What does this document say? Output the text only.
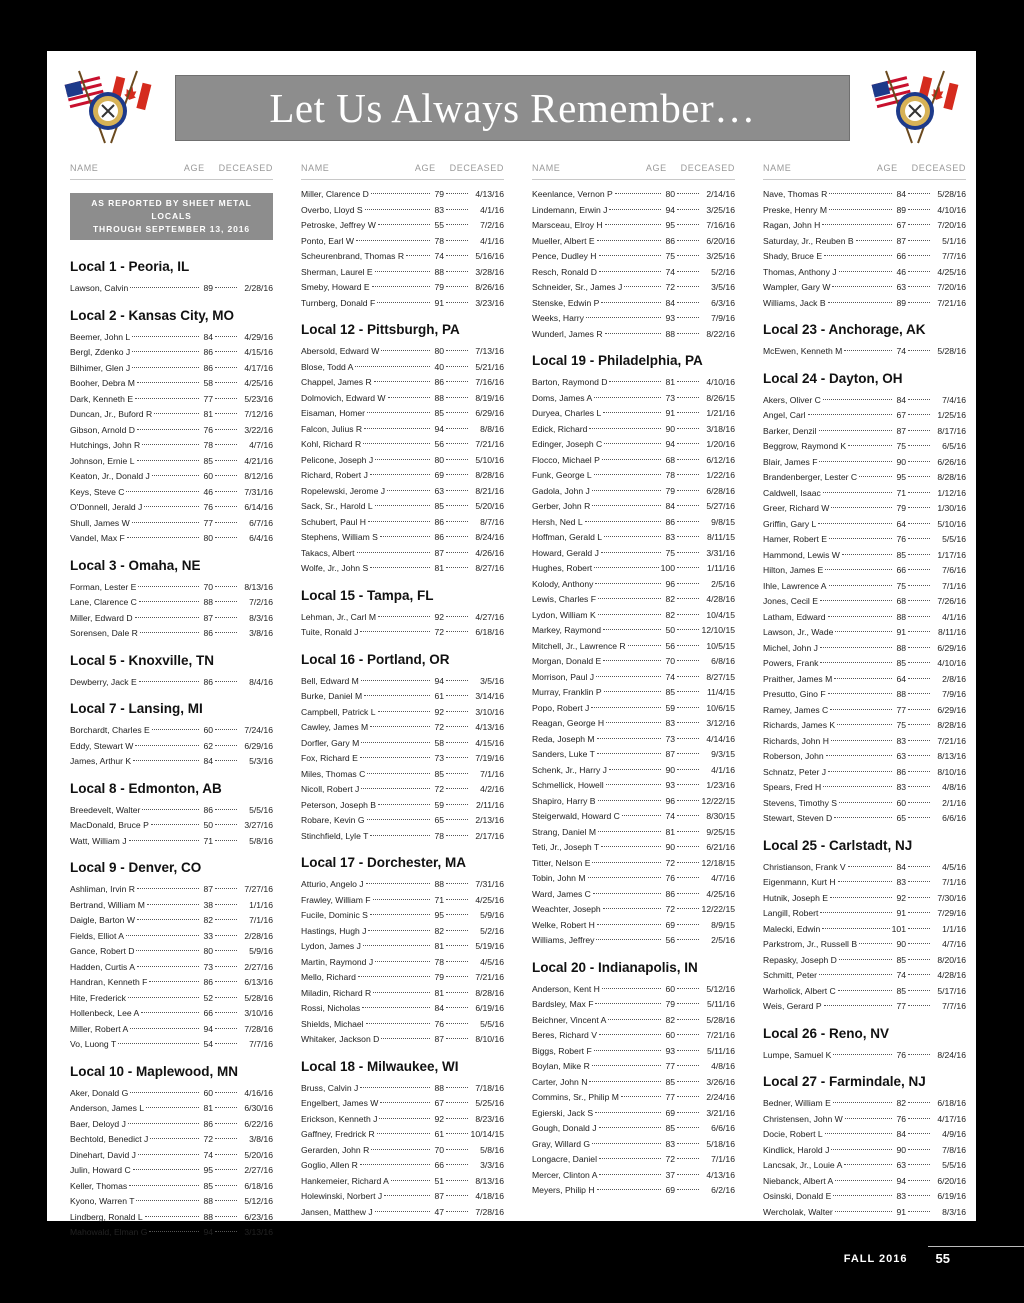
Let Us Always Remember…
NAME	AGE DECEASED
AS REPORTED BY SHEET METAL LOCALS
THROUGH SEPTEMBER 13, 2016
Local 1 - Peoria, IL
Lawson, Calvin	89	2/28/16
Local 2 - Kansas City, MO
Beemer, John L	84	4/29/16
Bergl, Zdenko J	86	4/15/16
Bilhimer, Glen J	86	4/17/16
Booher, Debra M	58	4/25/16
Dark, Kenneth E	77	5/23/16
Duncan, Jr., Buford R	81	7/12/16
Gibson, Arnold D	76	3/22/16
Hutchings, John R	78	4/7/16
Johnson, Ernie L	85	4/21/16
Keaton, Jr., Donald J	60	8/12/16
Keys, Steve C	46	7/31/16
O'Donnell, Jerald J	76	6/14/16
Shull, James W	77	6/7/16
Vandel, Max F	80	6/4/16
Local 3 - Omaha, NE
Forman, Lester E	70	8/13/16
Lane, Clarence C	88	7/2/16
Miller, Edward D	87	8/3/16
Sorensen, Dale R	86	3/8/16
Local 5 - Knoxville, TN
Dewberry, Jack E	86	8/4/16
Local 7 - Lansing, MI
Borchardt, Charles E	60	7/24/16
Eddy, Stewart W	62	6/29/16
James, Arthur K	84	5/3/16
Local 8 - Edmonton, AB
Breedevelt, Walter	86	5/5/16
MacDonald, Bruce P	50	3/27/16
Watt, William J	71	5/8/16
Local 9 - Denver, CO
Ashliman, Irvin R	87	7/27/16
Bertrand, William M	38	1/1/16
Daigle, Barton W	82	7/1/16
Fields, Elliot A	33	2/28/16
Gance, Robert D	80	5/9/16
Hadden, Curtis A	73	2/27/16
Handran, Kenneth F	86	6/13/16
Hite, Frederick	52	5/28/16
Hollenbeck, Lee A	66	3/10/16
Miller, Robert A	94	7/28/16
Vo, Luong T	54	7/7/16
Local 10 - Maplewood, MN
Aker, Donald G	60	4/16/16
Anderson, James L	81	6/30/16
Baer, Deloyd J	86	6/22/16
Bechtold, Benedict J	72	3/8/16
Dinehart, David J	74	5/20/16
Julin, Howard C	95	2/27/16
Keller, Thomas	85	6/18/16
Kyono, Warren T	88	5/12/16
Lindberg, Ronald L	88	6/23/16
Mahowald, Elman G	94	3/13/16
NAME	AGE DECEASED
Miller, Clarence D	79	4/13/16
Overbo, Lloyd S	83	4/1/16
Petroske, Jeffrey W	55	7/2/16
Ponto, Earl W	78	4/1/16
Scheurenbrand, Thomas R	74	5/16/16
Sherman, Laurel E	88	3/28/16
Smeby, Howard E	79	8/26/16
Turnberg, Donald F	91	3/23/16
Local 12 - Pittsburgh, PA
Abersold, Edward W	80	7/13/16
Blose, Todd A	40	5/21/16
Chappel, James R	86	7/16/16
Dolmovich, Edward W	88	8/19/16
Eisaman, Homer	85	6/29/16
Falcon, Julius R	94	8/8/16
Kohl, Richard R	56	7/21/16
Pelicone, Joseph J	80	5/10/16
Richard, Robert J	69	8/28/16
Ropelewski, Jerome J	63	8/21/16
Sack, Sr., Harold L	85	5/20/16
Schubert, Paul H	86	8/7/16
Stephens, William S	86	8/24/16
Takacs, Albert	87	4/26/16
Wolfe, Jr., John S	81	8/27/16
Local 15 - Tampa, FL
Lehman, Jr., Carl M	92	4/27/16
Tuite, Ronald J	72	6/18/16
Local 16 - Portland, OR
Bell, Edward M	94	3/5/16
Burke, Daniel M	61	3/14/16
Campbell, Patrick L	92	3/10/16
Cawley, James M	72	4/13/16
Dorfler, Gary M	58	4/15/16
Fox, Richard E	73	7/19/16
Miles, Thomas C	85	7/1/16
Nicoll, Robert J	72	4/2/16
Peterson, Joseph B	59	2/11/16
Robare, Kevin G	65	2/13/16
Stinchfield, Lyle T	78	2/17/16
Local 17 - Dorchester, MA
Atturio, Angelo J	88	7/31/16
Frawley, William F	71	4/25/16
Fucile, Dominic S	95	5/9/16
Hastings, Hugh J	82	5/2/16
Lydon, James J	81	5/19/16
Martin, Raymond J	78	4/5/16
Mello, Richard	79	7/21/16
Miladin, Richard R	81	8/28/16
Rossi, Nicholas	84	6/19/16
Shields, Michael	76	5/5/16
Whitaker, Jackson D	87	8/10/16
Local 18 - Milwaukee, WI
Bruss, Calvin J	88	7/18/16
Engelbert, James W	67	5/25/16
Erickson, Kenneth J	92	8/23/16
Gaffney, Fredrick R	61	10/14/15
Gerarden, John R	70	5/8/16
Goglio, Allen R	66	3/3/16
Hankemeier, Richard A	51	8/13/16
Holewinski, Norbert J	87	4/18/16
Jansen, Matthew J	47	7/28/16
NAME	AGE DECEASED
Keenlance, Vernon P	80	2/14/16
Lindemann, Erwin J	94	3/25/16
Marsceau, Elroy H	95	7/16/16
Mueller, Albert E	86	6/20/16
Pence, Dudley H	75	3/25/16
Resch, Ronald D	74	5/2/16
Schneider, Sr., James J	72	3/5/16
Stenske, Edwin P	84	6/3/16
Weeks, Harry	93	7/9/16
Wunderl, James R	88	8/22/16
Local 19 - Philadelphia, PA
Barton, Raymond D	81	4/10/16
Doms, James A	73	8/26/15
Duryea, Charles L	91	1/21/16
Edick, Richard	90	3/18/16
Edinger, Joseph C	94	1/20/16
Flocco, Michael P	68	6/12/16
Funk, George L	78	1/22/16
Gadola, John J	79	6/28/16
Gerber, John R	84	5/27/16
Hersh, Ned L	86	9/8/15
Hoffman, Gerald L	83	8/11/15
Howard, Gerald J	75	3/31/16
Hughes, Robert	100	1/11/16
Kolody, Anthony	96	2/5/16
Lewis, Charles F	82	4/28/16
Lydon, William K	82	10/4/15
Markey, Raymond	50	12/10/15
Mitchell, Jr., Lawrence R	56	10/5/15
Morgan, Donald E	70	6/8/16
Morrison, Paul J	74	8/27/15
Murray, Franklin P	85	11/4/15
Popo, Robert J	59	10/6/15
Reagan, George H	83	3/12/16
Reda, Joseph M	73	4/14/16
Sanders, Luke T	87	9/3/15
Schenk, Jr., Harry J	90	4/1/16
Schmellick, Howell	93	1/23/16
Shapiro, Harry B	96	12/22/15
Steigerwald, Howard C	74	8/30/15
Strang, Daniel M	81	9/25/15
Teti, Jr., Joseph T	90	6/21/16
Titter, Nelson E	72	12/18/15
Tobin, John M	76	4/7/16
Ward, James C	86	4/25/16
Weachter, Joseph	72	12/22/15
Welke, Robert H	69	8/9/15
Williams, Jeffrey	56	2/5/16
Local 20 - Indianapolis, IN
Anderson, Kent H	60	5/12/16
Bardsley, Max F	79	5/11/16
Beichner, Vincent A	82	5/28/16
Beres, Richard V	60	7/21/16
Biggs, Robert F	93	5/11/16
Boylan, Mike R	77	4/8/16
Carter, John N	85	3/26/16
Commins, Sr., Philip M	77	2/24/16
Egierski, Jack S	69	3/21/16
Gough, Donald J	85	6/6/16
Gray, Willard G	83	5/18/16
Longacre, Daniel	72	7/1/16
Mercer, Clinton A	37	4/13/16
Meyers, Philip H	69	6/2/16
NAME	AGE DECEASED
Nave, Thomas R	84	5/28/16
Preske, Henry M	89	4/10/16
Ragan, John H	67	7/20/16
Saturday, Jr., Reuben B	87	5/1/16
Shady, Bruce E	66	7/7/16
Thomas, Anthony J	46	4/25/16
Wampler, Gary W	63	7/20/16
Williams, Jack B	89	7/21/16
Local 23 - Anchorage, AK
McEwen, Kenneth M	74	5/28/16
Local 24 - Dayton, OH
Akers, Oliver C	84	7/4/16
Angel, Carl	67	1/25/16
Barker, Denzil	87	8/17/16
Beggrow, Raymond K	75	6/5/16
Blair, James F	90	6/26/16
Brandenberger, Lester C	95	8/28/16
Caldwell, Isaac	71	1/12/16
Greer, Richard W	79	1/30/16
Griffin, Gary L	64	5/10/16
Hamer, Robert E	76	5/5/16
Hammond, Lewis W	85	1/17/16
Hilton, James E	66	7/6/16
Ihle, Lawrence A	75	7/1/16
Jones, Cecil E	68	7/26/16
Latham, Edward	88	4/1/16
Lawson, Jr., Wade	91	8/11/16
Michel, John J	88	6/29/16
Powers, Frank	85	4/10/16
Praither, James M	64	2/8/16
Presutto, Gino F	88	7/9/16
Ramey, James C	77	6/29/16
Richards, James K	75	8/28/16
Richards, John H	83	7/21/16
Roberson, John	63	8/13/16
Schnatz, Peter J	86	8/10/16
Spears, Fred H	83	4/8/16
Stevens, Timothy S	60	2/1/16
Stewart, Steven D	65	6/6/16
Local 25 - Carlstadt, NJ
Christianson, Frank V	84	4/5/16
Eigenmann, Kurt H	83	7/1/16
Hutnik, Joseph E	92	7/30/16
Langill, Robert	91	7/29/16
Malecki, Edwin	101	1/1/16
Parkstrom, Jr., Russell B	90	4/7/16
Repasky, Joseph D	85	8/20/16
Schmitt, Peter	74	4/28/16
Warholick, Albert C	85	5/17/16
Weis, Gerard P	77	7/7/16
Local 26 - Reno, NV
Lumpe, Samuel K	76	8/24/16
Local 27 - Farmindale, NJ
Bedner, William E	82	6/18/16
Christensen, John W	76	4/17/16
Docie, Robert L	84	4/9/16
Kindlick, Harold J	90	7/8/16
Lancsak, Jr., Louie A	63	5/5/16
Niebanck, Albert A	94	6/20/16
Osinski, Donald E	83	6/19/16
Wercholak, Walter	91	8/3/16
FALL 2016 55
